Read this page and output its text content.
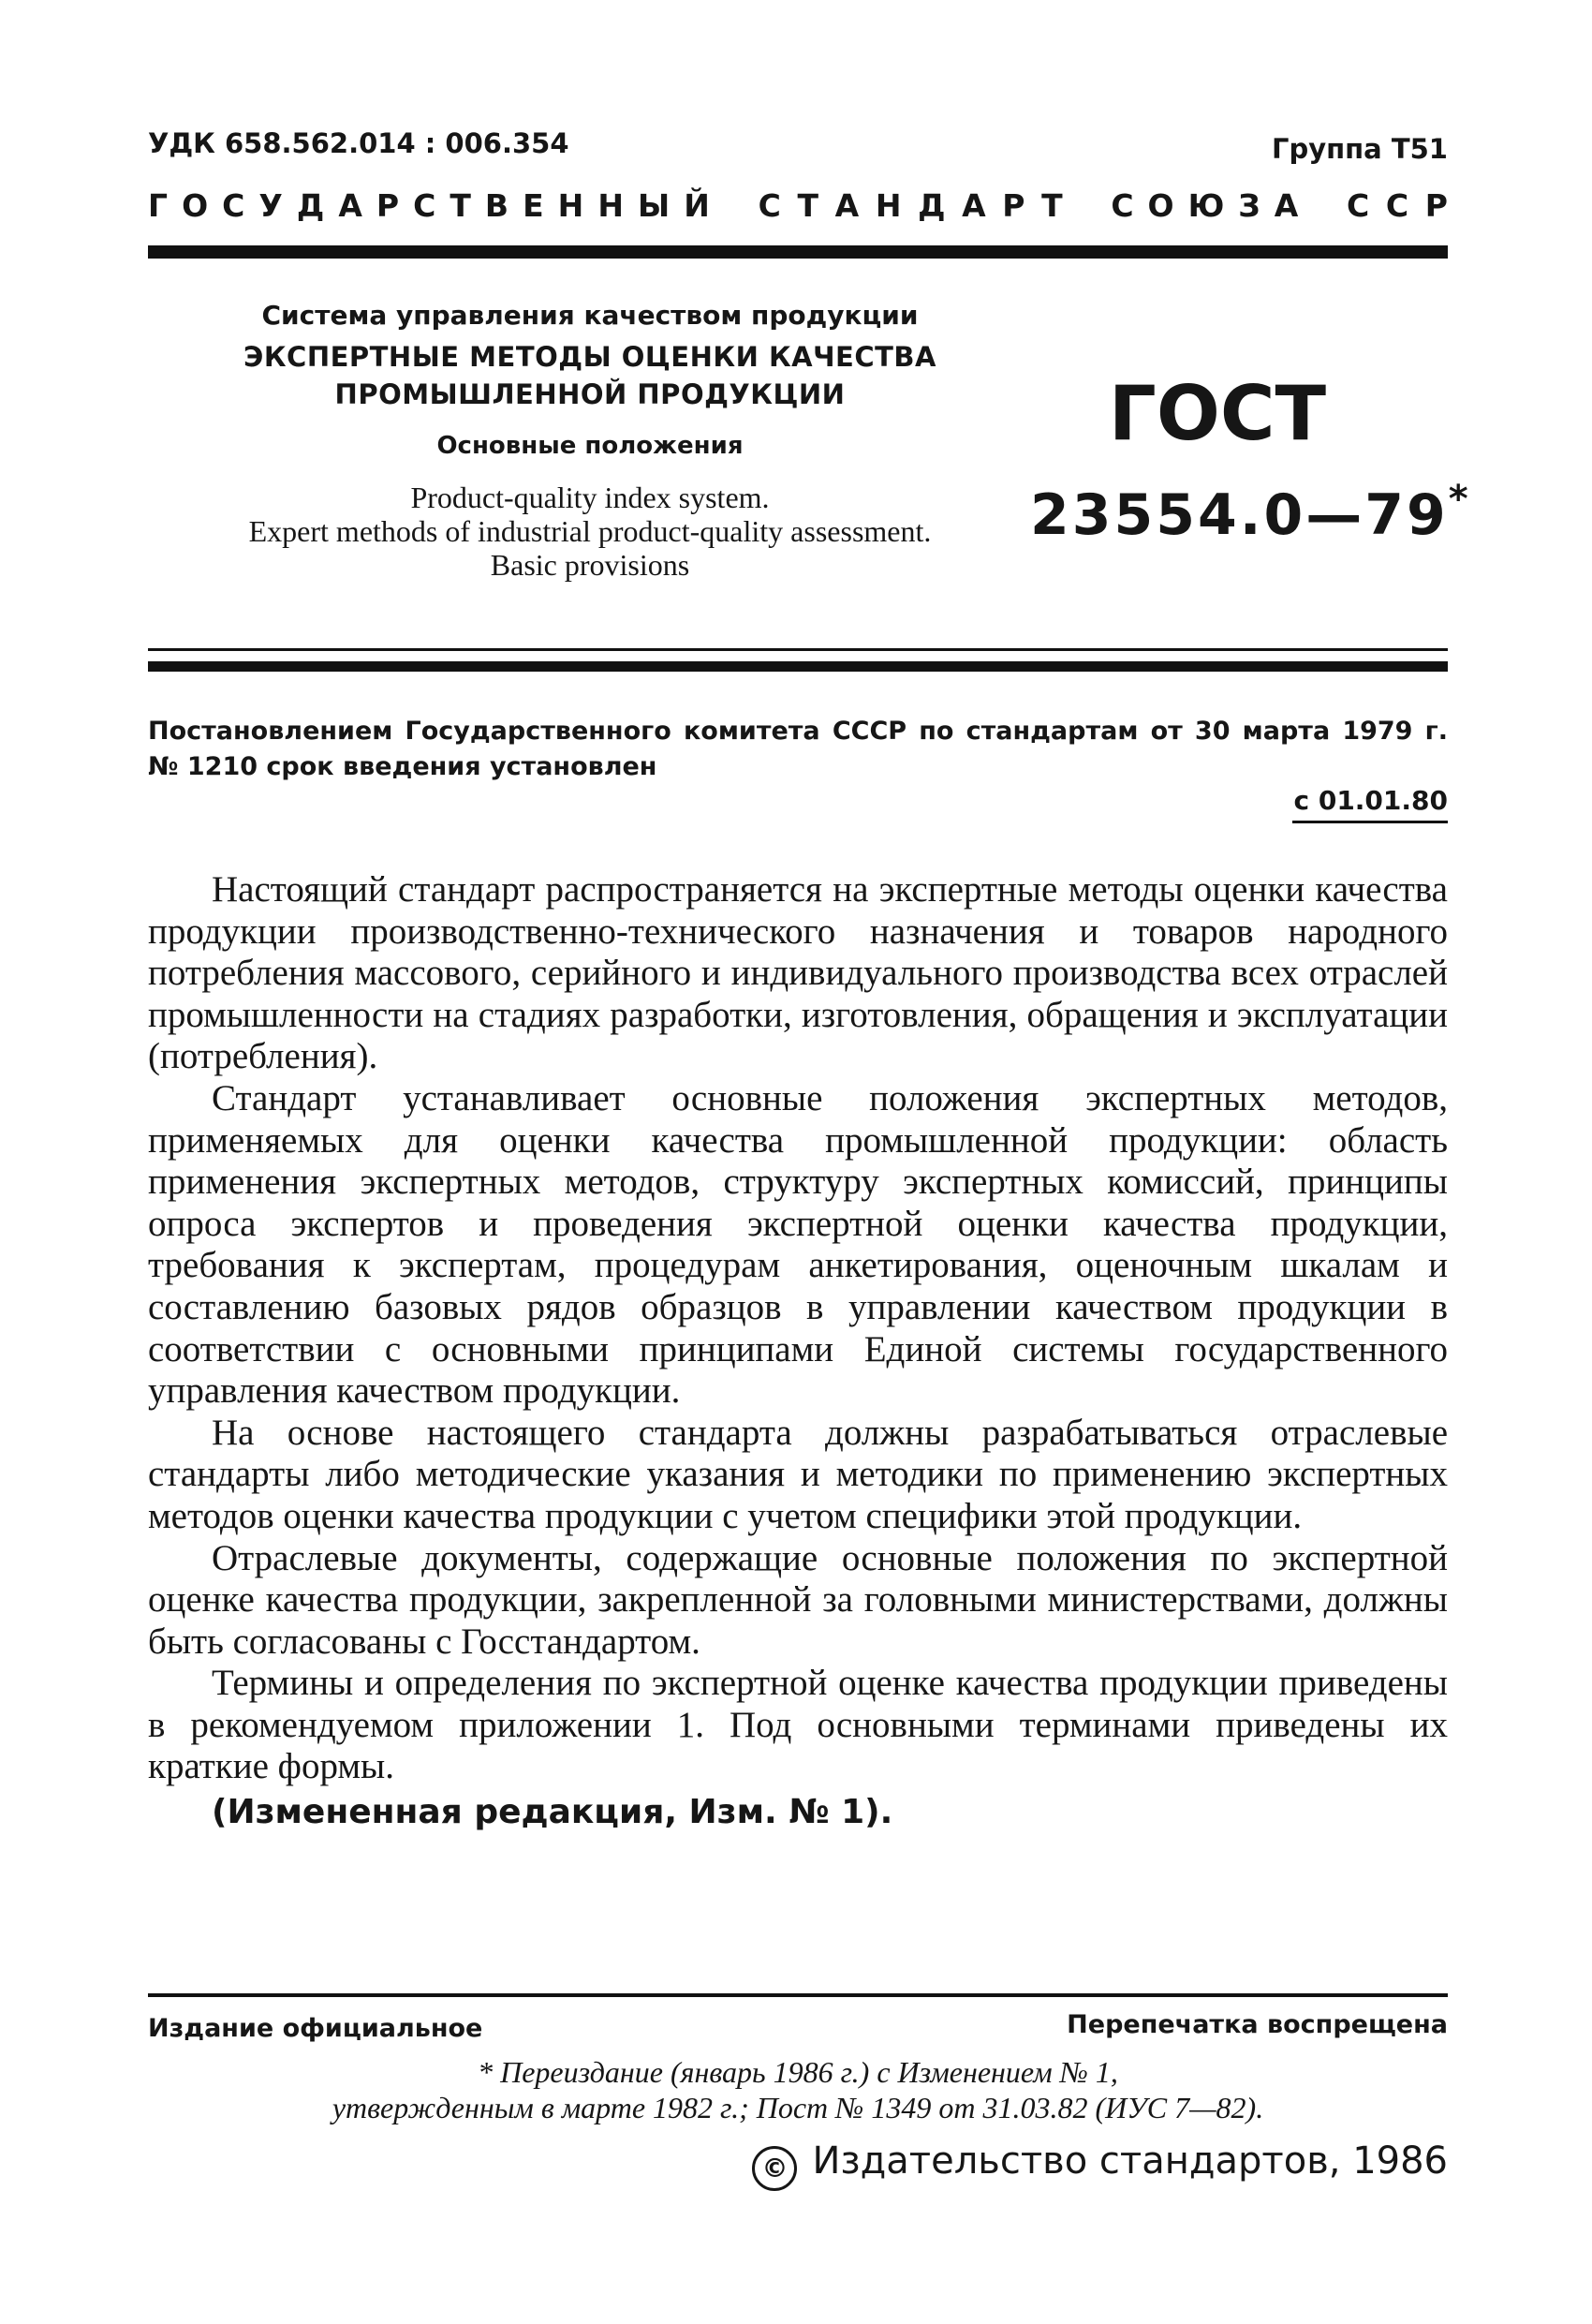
УДК 658.562.014 : 006.354	Группа Т51
Г О С У Д А Р С Т В Е Н Н Ы Й С Т А Н Д А Р Т С О Ю З А С С Р
Система управления качеством продукции
ЭКСПЕРТНЫЕ МЕТОДЫ ОЦЕНКИ КАЧЕСТВА
ПРОМЫШЛЕННОЙ ПРОДУКЦИИ
Основные положения
Product-quality index system.
Expert methods of industrial product-quality assessment.
Basic provisions
ГОСТ
23554.0—79*
Постановлением Государственного комитета СССР по стандартам от 30 марта 1979 г. № 1210 срок введения установлен
с 01.01.80

Настоящий стандарт распространяется на экспертные методы оценки качества продукции производственно-технического назначения и товаров народного потребления массового, серийного и индивидуального производства всех отраслей промышленности на стадиях разработки, изготовления, обращения и эксплуатации (потребления).

Стандарт устанавливает основные положения экспертных методов, применяемых для оценки качества промышленной продукции: область применения экспертных методов, структуру экспертных комиссий, принципы опроса экспертов и проведения экспертной оценки качества продукции, требования к экспертам, процедурам анкетирования, оценочным шкалам и составлению базовых рядов образцов в управлении качеством продукции в соответствии с основными принципами Единой системы государственного управления качеством продукции.

На основе настоящего стандарта должны разрабатываться отраслевые стандарты либо методические указания и методики по применению экспертных методов оценки качества продукции с учетом специфики этой продукции.

Отраслевые документы, содержащие основные положения по экспертной оценке качества продукции, закрепленной за головными министерствами, должны быть согласованы с Госстандартом.

Термины и определения по экспертной оценке качества продукции приведены в рекомендуемом приложении 1. Под основными терминами приведены их краткие формы.

(Измененная редакция, Изм. № 1).

Издание официальное	Перепечатка воспрещена
* Переиздание (январь 1986 г.) с Изменением № 1,
утвержденным в марте 1982 г.; Пост № 1349 от 31.03.82 (ИУС 7—82).
© Издательство стандартов, 1986
